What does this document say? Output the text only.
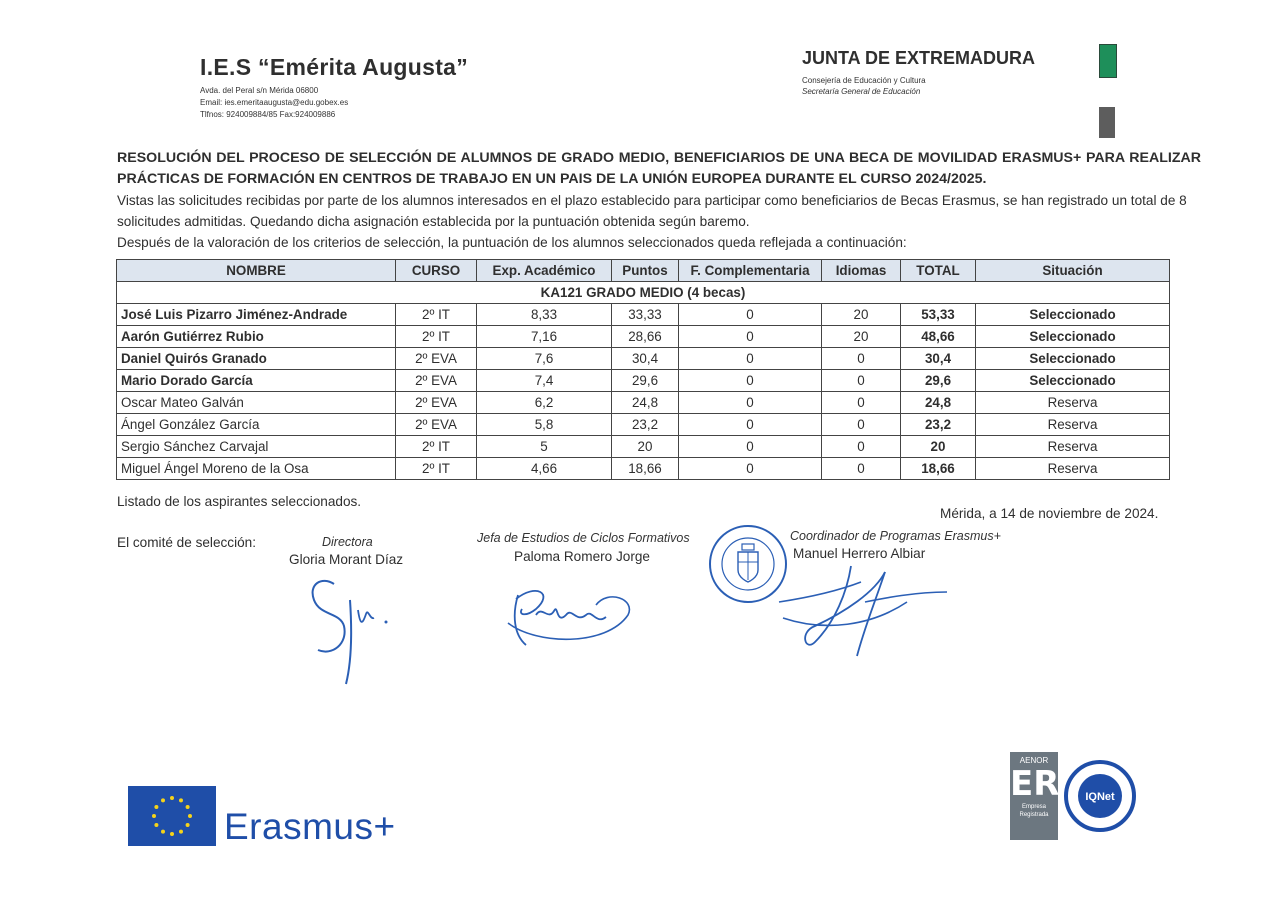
I.E.S “Emérita Augusta”
Avda. del Peral s/n Mérida 06800
Email: ies.emeritaaugusta@edu.gobex.es
Tlfnos: 924009884/85 Fax:924009886
JUNTA DE EXTREMADURA
Consejería de Educación y Cultura
Secretaría General de Educación
RESOLUCIÓN DEL PROCESO DE SELECCIÓN DE ALUMNOS DE GRADO MEDIO, BENEFICIARIOS DE UNA BECA DE MOVILIDAD ERASMUS+ PARA REALIZAR PRÁCTICAS DE FORMACIÓN EN CENTROS DE TRABAJO EN UN PAIS DE LA UNIÓN EUROPEA DURANTE EL CURSO 2024/2025.
Vistas las solicitudes recibidas por parte de los alumnos interesados en el plazo establecido para participar como beneficiarios de Becas Erasmus, se han registrado un total de 8 solicitudes admitidas. Quedando dicha asignación establecida por la puntuación obtenida según baremo.
Después de la valoración de los criterios de selección, la puntuación de los alumnos seleccionados queda reflejada a continuación:
NOMBRE	CURSO	Exp. Académico	Puntos	F. Complementaria	Idiomas	TOTAL	Situación
KA121 GRADO MEDIO (4 becas)							
José Luis Pizarro Jiménez-Andrade	2º IT	8,33	33,33	0	20	53,33	Seleccionado
Aarón Gutiérrez Rubio	2º IT	7,16	28,66	0	20	48,66	Seleccionado
Daniel Quirós Granado	2º EVA	7,6	30,4	0	0	30,4	Seleccionado
Mario Dorado García	2º EVA	7,4	29,6	0	0	29,6	Seleccionado
Oscar Mateo Galván	2º EVA	6,2	24,8	0	0	24,8	Reserva
Ángel González García	2º EVA	5,8	23,2	0	0	23,2	Reserva
Sergio Sánchez Carvajal	2º IT	5	20	0	0	20	Reserva
Miguel Ángel Moreno de la Osa	2º IT	4,66	18,66	0	0	18,66	Reserva
Listado de los aspirantes seleccionados.
Mérida, a 14 de noviembre de 2024.
El comité de selección:	Directora
Gloria Morant Díaz
Jefa de Estudios de Ciclos Formativos
Paloma Romero Jorge
Coordinador de Programas Erasmus+
Manuel Herrero Albiar
Erasmus+
AENOR
ER
Empresa Registrada
IQNet
